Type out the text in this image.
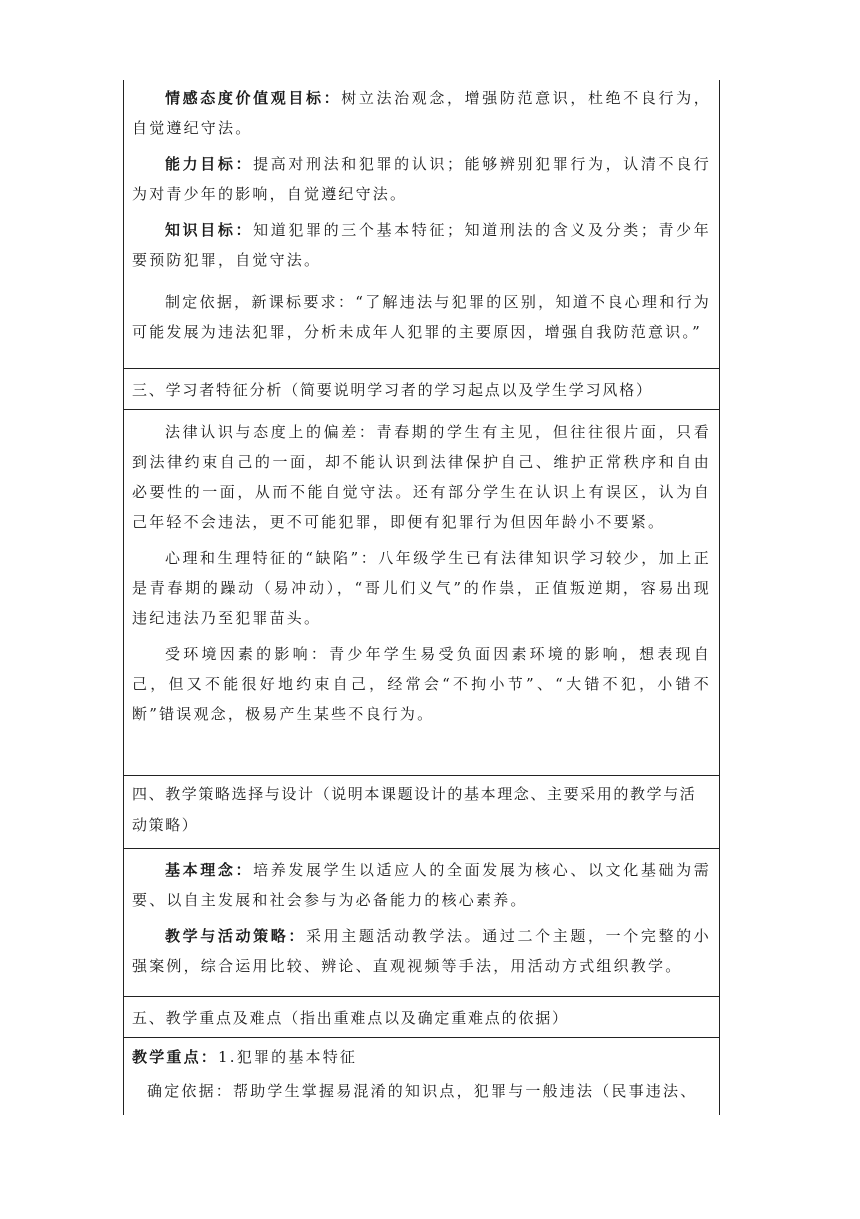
情感态度价值观目标：树立法治观念，增强防范意识，杜绝不良行为，自觉遵纪守法。

能力目标：提高对刑法和犯罪的认识；能够辨别犯罪行为，认清不良行为对青少年的影响，自觉遵纪守法。

知识目标：知道犯罪的三个基本特征；知道刑法的含义及分类；青少年要预防犯罪，自觉守法。

制定依据，新课标要求：“了解违法与犯罪的区别，知道不良心理和行为可能发展为违法犯罪，分析未成年人犯罪的主要原因，增强自我防范意识。”

三、学习者特征分析（简要说明学习者的学习起点以及学生学习风格）

法律认识与态度上的偏差：青春期的学生有主见，但往往很片面，只看到法律约束自己的一面，却不能认识到法律保护自己、维护正常秩序和自由必要性的一面，从而不能自觉守法。还有部分学生在认识上有误区，认为自己年轻不会违法，更不可能犯罪，即便有犯罪行为但因年龄小不要紧。

心理和生理特征的“缺陷”：八年级学生已有法律知识学习较少，加上正是青春期的躁动（易冲动），“哥儿们义气”的作祟，正值叛逆期，容易出现违纪违法乃至犯罪苗头。

受环境因素的影响：青少年学生易受负面因素环境的影响，想表现自己，但又不能很好地约束自己，经常会“不拘小节”、“大错不犯，小错不断”错误观念，极易产生某些不良行为。

四、教学策略选择与设计（说明本课题设计的基本理念、主要采用的教学与活动策略）

基本理念：培养发展学生以适应人的全面发展为核心、以文化基础为需要、以自主发展和社会参与为必备能力的核心素养。

教学与活动策略：采用主题活动教学法。通过二个主题，一个完整的小强案例，综合运用比较、辨论、直观视频等手法，用活动方式组织教学。

五、教学重点及难点（指出重难点以及确定重难点的依据）

教学重点：1.犯罪的基本特征

确定依据：帮助学生掌握易混淆的知识点，犯罪与一般违法（民事违法、
